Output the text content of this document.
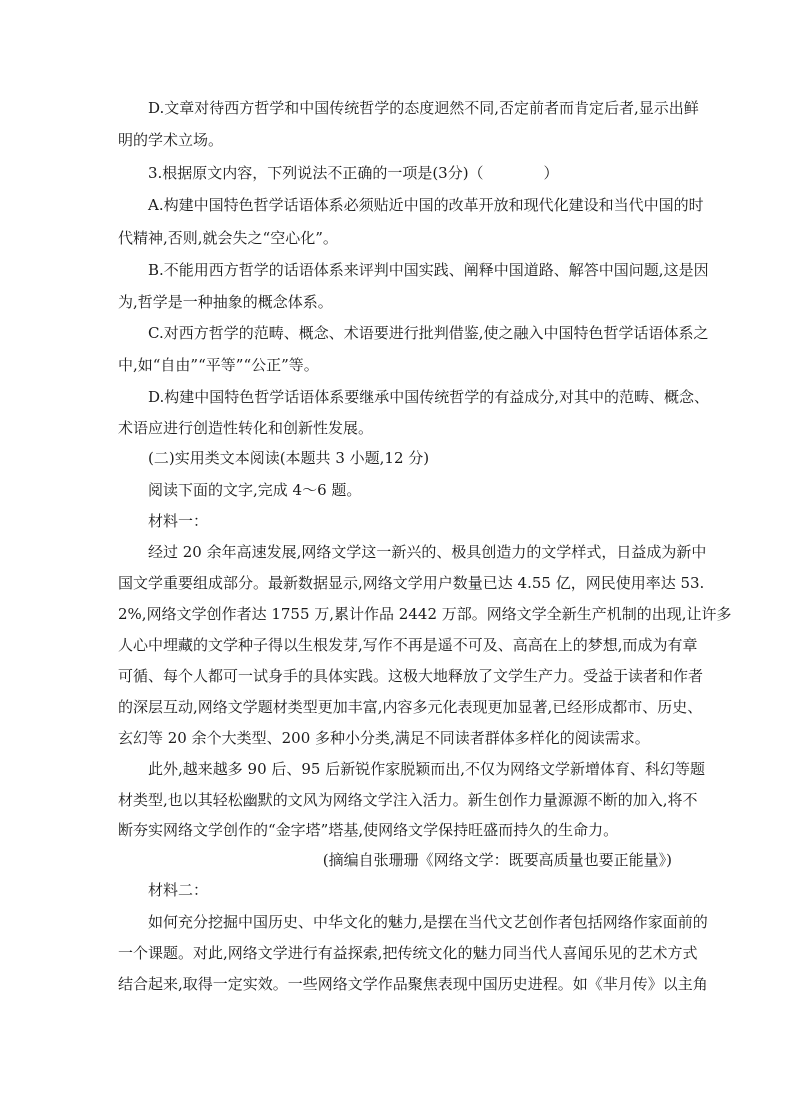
D.文章对待西方哲学和中国传统哲学的态度迥然不同,否定前者而肯定后者,显示出鲜
明的学术立场。
3.根据原文内容，下列说法不正确的一项是(3分)（　　　　）
A.构建中国特色哲学话语体系必须贴近中国的改革开放和现代化建设和当代中国的时
代精神,否则,就会失之“空心化”。
B.不能用西方哲学的话语体系来评判中国实践、阐释中国道路、解答中国问题,这是因
为,哲学是一种抽象的概念体系。
C.对西方哲学的范畴、概念、术语要进行批判借鉴,使之融入中国特色哲学话语体系之
中,如“自由”“平等”“公正”等。
D.构建中国特色哲学话语体系要继承中国传统哲学的有益成分,对其中的范畴、概念、
术语应进行创造性转化和创新性发展。
(二)实用类文本阅读(本题共 3 小题,12 分)
阅读下面的文字,完成 4～6 题。
材料一：
经过 20 余年高速发展,网络文学这一新兴的、极具创造力的文学样式，日益成为新中
国文学重要组成部分。最新数据显示,网络文学用户数量已达 4.55 亿，网民使用率达 53.
2%,网络文学创作者达 1755 万,累计作品 2442 万部。网络文学全新生产机制的出现,让许多
人心中埋藏的文学种子得以生根发芽,写作不再是遥不可及、高高在上的梦想,而成为有章
可循、每个人都可一试身手的具体实践。这极大地释放了文学生产力。受益于读者和作者
的深层互动,网络文学题材类型更加丰富,内容多元化表现更加显著,已经形成都市、历史、
玄幻等 20 余个大类型、200 多种小分类,满足不同读者群体多样化的阅读需求。
此外,越来越多 90 后、95 后新锐作家脱颖而出,不仅为网络文学新增体育、科幻等题
材类型,也以其轻松幽默的文风为网络文学注入活力。新生创作力量源源不断的加入,将不
断夯实网络文学创作的“金字塔”塔基,使网络文学保持旺盛而持久的生命力。
(摘编自张珊珊《网络文学：既要高质量也要正能量》)
材料二：
如何充分挖掘中国历史、中华文化的魅力,是摆在当代文艺创作者包括网络作家面前的
一个课题。对此,网络文学进行有益探索,把传统文化的魅力同当代人喜闻乐见的艺术方式
结合起来,取得一定实效。一些网络文学作品聚焦表现中国历史进程。如《芈月传》以主角
